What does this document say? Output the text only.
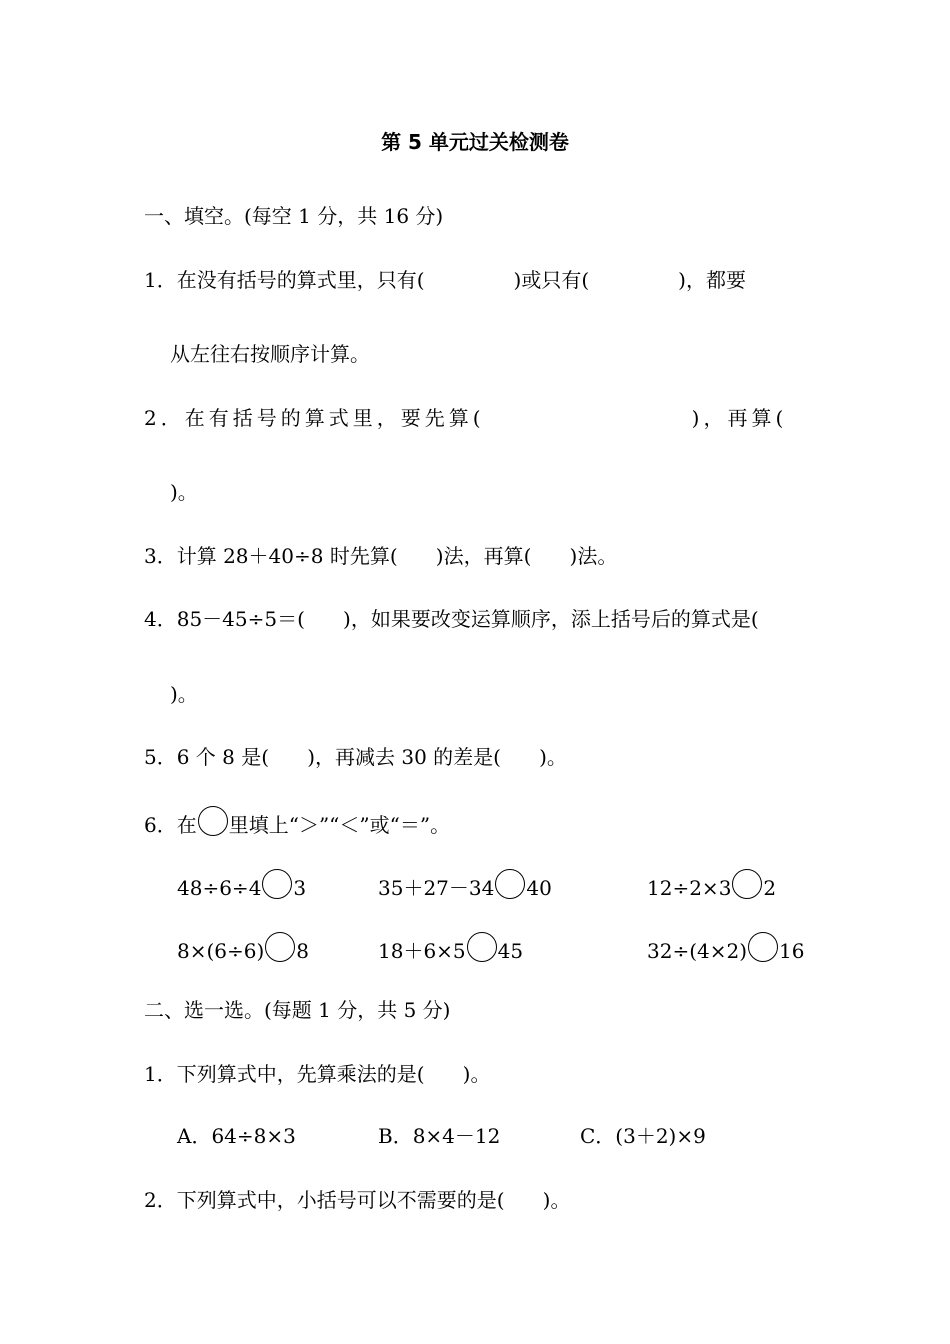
第 5 单元过关检测卷
一、填空。(每空 1 分，共 16 分)
1．在没有括号的算式里，只有(              )或只有(              )，都要
从左往右按顺序计算。
2．在有括号的算式里，要先算(                    )，再算(
)。
3．计算 28＋40÷8 时先算(      )法，再算(      )法。
4．85－45÷5＝(      )，如果要改变运算顺序，添上括号后的算式是(
)。
5．6 个 8 是(      )，再减去 30 的差是(      )。
6．在 里填上“＞”“＜”或“＝”。
48÷6÷4 3	35＋27－34 40	12÷2×3 2
8×(6÷6) 8	18＋6×5 45	32÷(4×2) 16
二、选一选。(每题 1 分，共 5 分)
1．下列算式中，先算乘法的是(      )。
A．64÷8×3	B．8×4－12	C．(3＋2)×9
2．下列算式中，小括号可以不需要的是(      )。
